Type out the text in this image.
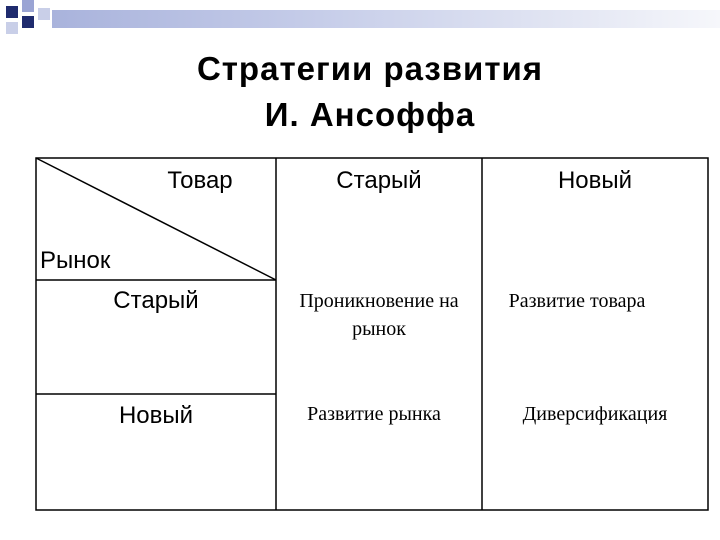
Стратегии развития
И. Ансоффа
Товар
Рынок
Старый	Новый
Старый
Новый
Проникновение на рынок
Развитие товара
Развитие рынка	Диверсификация
